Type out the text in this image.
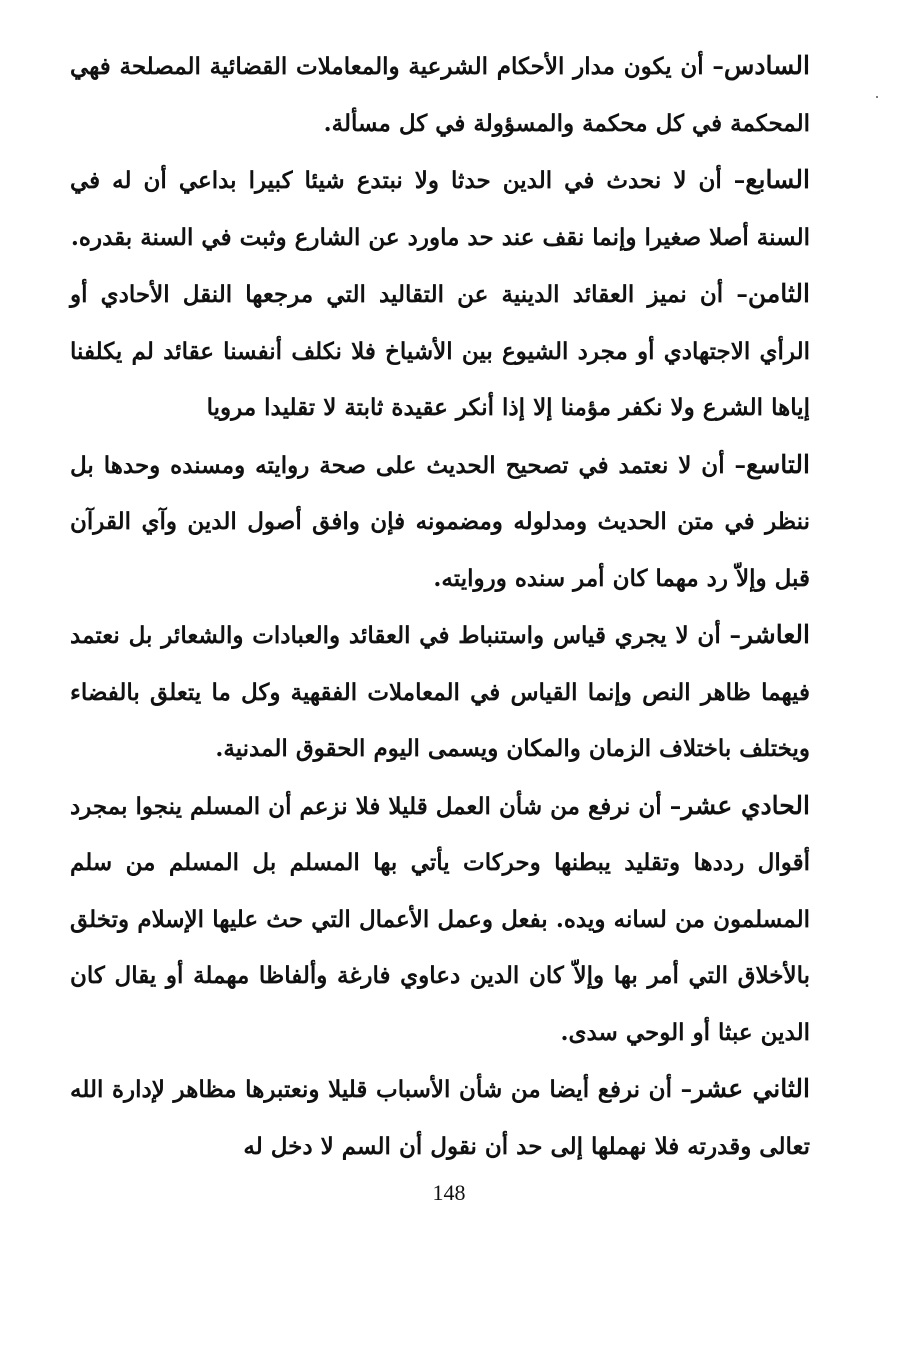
السادس– أن يكون مدار الأحكام الشرعية والمعاملات القضائية المصلحة فهي المحكمة في كل محكمة والمسؤولة في كل مسألة.

السابع– أن لا نحدث في الدين حدثا ولا نبتدع شيئا كبيرا بداعي أن له في السنة أصلا صغيرا وإنما نقف عند حد ماورد عن الشارع وثبت في السنة بقدره.

الثامن– أن نميز العقائد الدينية عن التقاليد التي مرجعها النقل الأحادي أو الرأي الاجتهادي أو مجرد الشيوع بين الأشياخ فلا نكلف أنفسنا عقائد لم يكلفنا إياها الشرع ولا نكفر مؤمنا إلا إذا أنكر عقيدة ثابتة لا تقليدا مرويا

التاسع– أن لا نعتمد في تصحيح الحديث على صحة روايته ومسنده وحدها بل ننظر في متن الحديث ومدلوله ومضمونه فإن وافق أصول الدين وآي القرآن قبل وإلاّ رد مهما كان أمر سنده وروايته.

العاشر– أن لا يجري قياس واستنباط في العقائد والعبادات والشعائر بل نعتمد فيهما ظاهر النص وإنما القياس في المعاملات الفقهية وكل ما يتعلق بالفضاء ويختلف باختلاف الزمان والمكان ويسمى اليوم الحقوق المدنية.

الحادي عشر– أن نرفع من شأن العمل قليلا فلا نزعم أن المسلم ينجوا بمجرد أقوال رددها وتقليد يبطنها وحركات يأتي بها المسلم بل المسلم من سلم المسلمون من لسانه ويده. بفعل وعمل الأعمال التي حث عليها الإسلام وتخلق بالأخلاق التي أمر بها وإلاّ كان الدين دعاوي فارغة وألفاظا مهملة أو يقال كان الدين عبثا أو الوحي سدى.

الثاني عشر– أن نرفع أيضا من شأن الأسباب قليلا ونعتبرها مظاهر لإدارة الله تعالى وقدرته فلا نهملها إلى حد أن نقول أن السم لا دخل له

148
